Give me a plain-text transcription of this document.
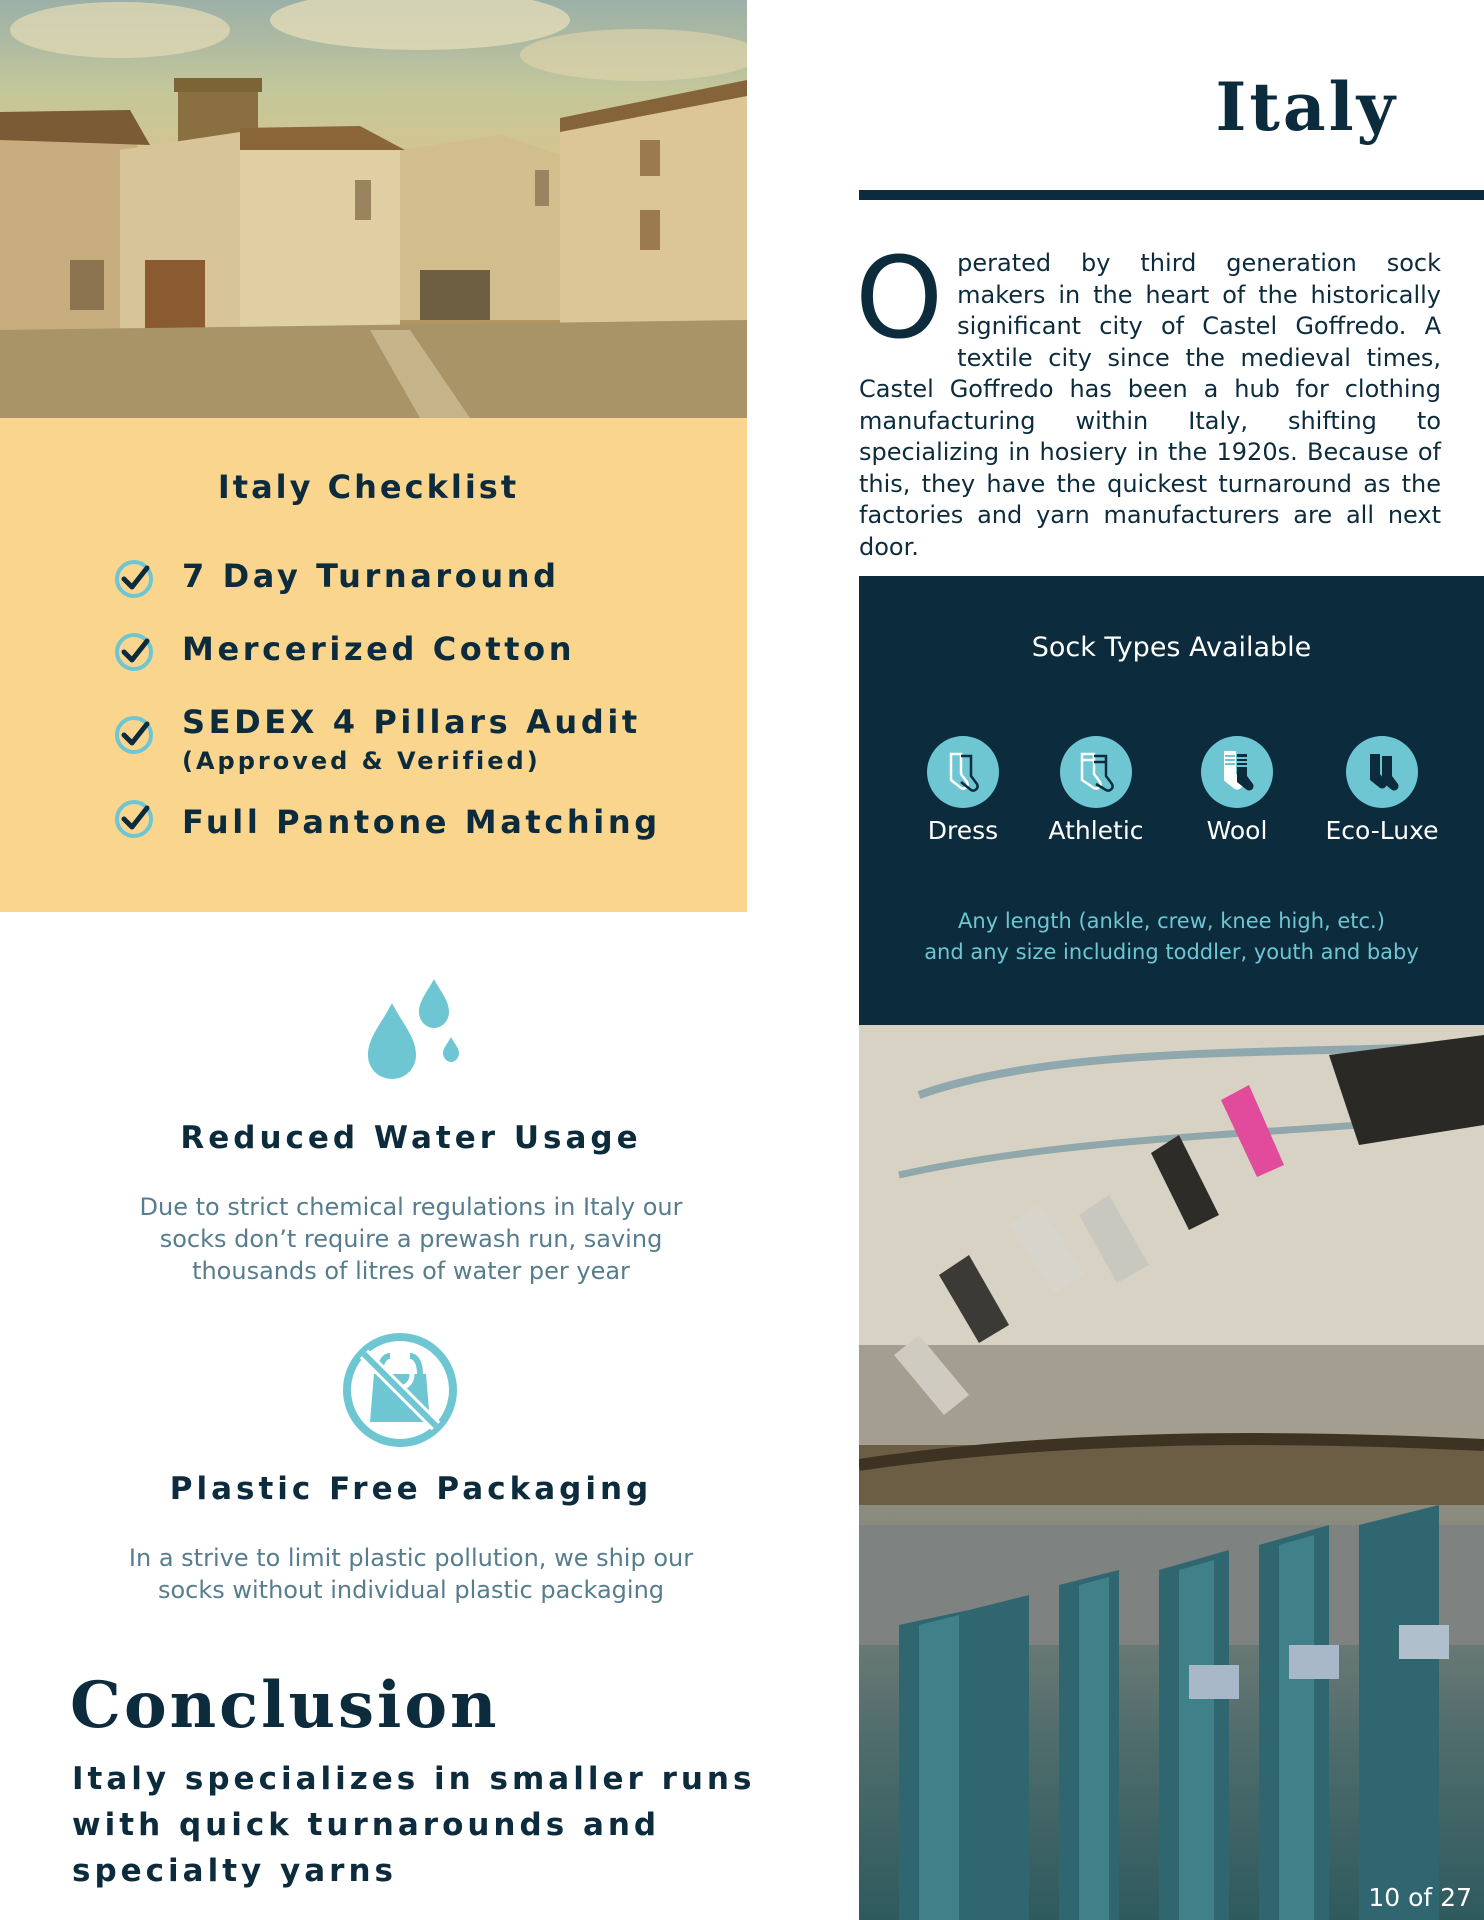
Italy Checklist
7 Day Turnaround
Mercerized Cotton
SEDEX 4 Pillars Audit
(Approved & Verified)
Full Pantone Matching
Reduced Water Usage
Due to strict chemical regulations in Italy our socks don’t require a prewash run, saving thousands of litres of water per year
Plastic Free Packaging
In a strive to limit plastic pollution, we ship our socks without individual plastic packaging
Conclusion
Italy specializes in smaller runs with quick turnarounds and specialty yarns
Italy
Operated by third generation sock makers in the heart of the historically significant city of Castel Goffredo. A textile city since the medieval times, Castel Goffredo has been a hub for clothing manufacturing within Italy, shifting to specializing in hosiery in the 1920s. Because of this, they have the quickest turnaround as the factories and yarn manufacturers are all next door.
Sock Types Available
Dress	Athletic	Wool	Eco-Luxe
Any length (ankle, crew, knee high, etc.)
and any size including toddler, youth and baby
10 of 27
